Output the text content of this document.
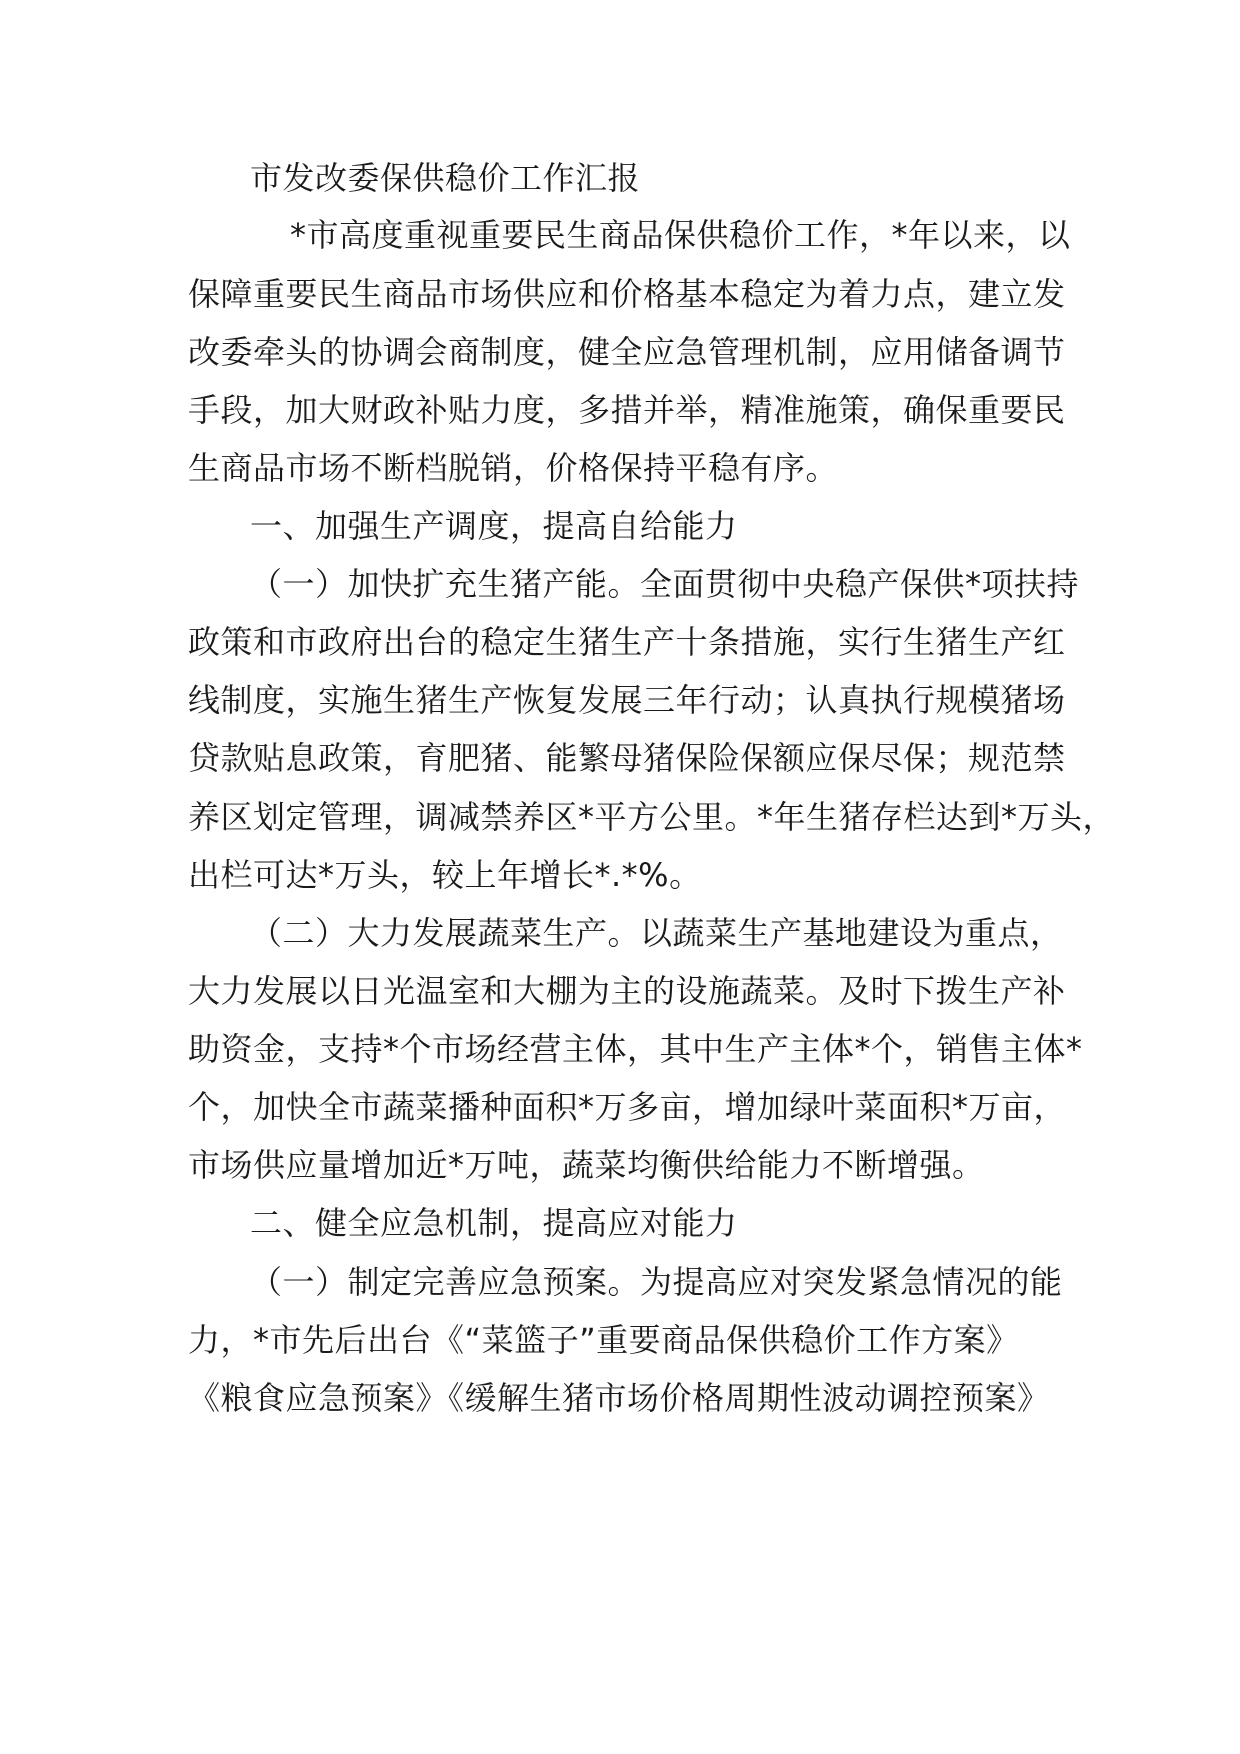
市发改委保供稳价工作汇报

*市高度重视重要民生商品保供稳价工作，*年以来，以

保障重要民生商品市场供应和价格基本稳定为着力点，建立发

改委牵头的协调会商制度，健全应急管理机制，应用储备调节

手段，加大财政补贴力度，多措并举，精准施策，确保重要民

生商品市场不断档脱销，价格保持平稳有序。

一、加强生产调度，提高自给能力

（一）加快扩充生猪产能。全面贯彻中央稳产保供*项扶持

政策和市政府出台的稳定生猪生产十条措施，实行生猪生产红

线制度，实施生猪生产恢复发展三年行动；认真执行规模猪场

贷款贴息政策，育肥猪、能繁母猪保险保额应保尽保；规范禁

养区划定管理，调减禁养区*平方公里。*年生猪存栏达到*万头，

出栏可达*万头，较上年增长*.*%。

（二）大力发展蔬菜生产。以蔬菜生产基地建设为重点，

大力发展以日光温室和大棚为主的设施蔬菜。及时下拨生产补

助资金，支持*个市场经营主体，其中生产主体*个，销售主体*

个，加快全市蔬菜播种面积*万多亩，增加绿叶菜面积*万亩，

市场供应量增加近*万吨，蔬菜均衡供给能力不断增强。

二、健全应急机制，提高应对能力

（一）制定完善应急预案。为提高应对突发紧急情况的能

力，*市先后出台《“菜篮子”重要商品保供稳价工作方案》

《粮食应急预案》《缓解生猪市场价格周期性波动调控预案》
